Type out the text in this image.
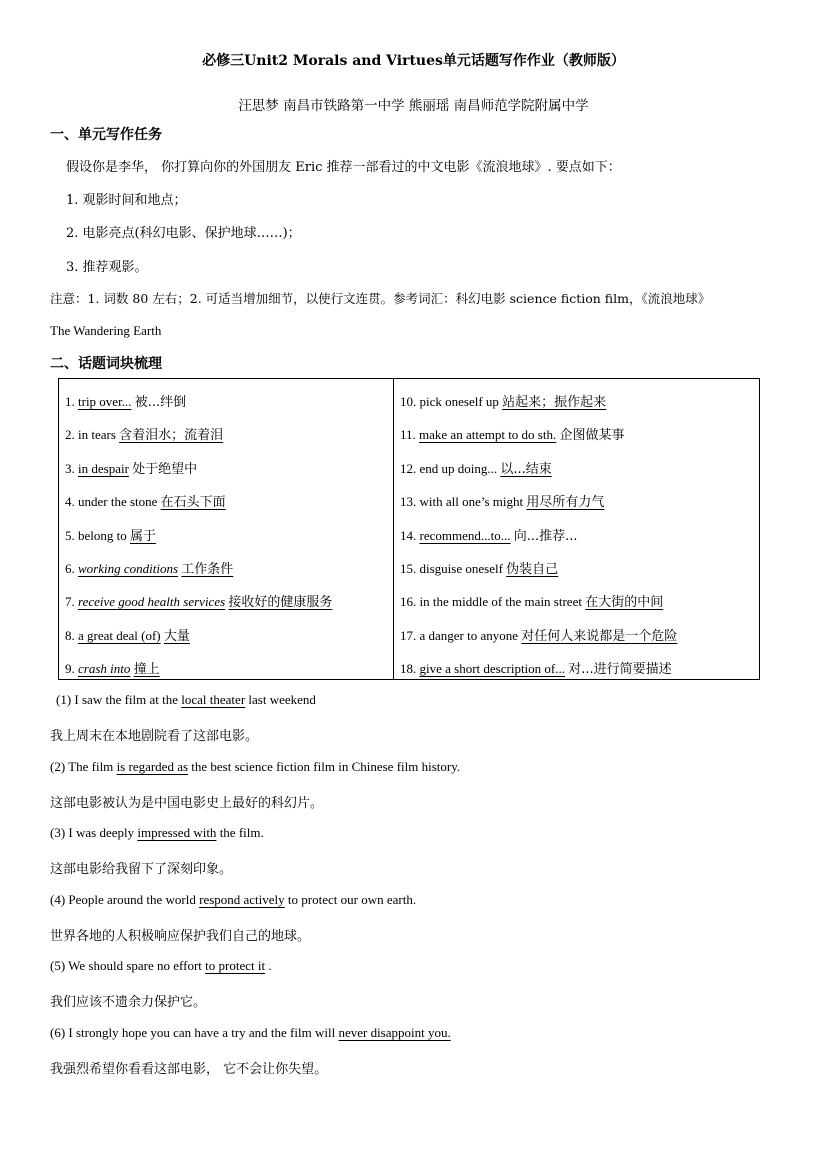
必修三Unit2 Morals and Virtues单元话题写作作业（教师版）
汪思梦 南昌市铁路第一中学 熊丽瑶 南昌师范学院附属中学
一、单元写作任务
假设你是李华， 你打算向你的外国朋友 Eric 推荐一部看过的中文电影《流浪地球》. 要点如下：
1. 观影时间和地点；
2. 电影亮点(科幻电影、保护地球……)；
3. 推荐观影。
注意：1. 词数 80 左右；2. 可适当增加细节，以使行文连贯。参考词汇：科幻电影 science fiction film，《流浪地球》
The Wandering Earth
二、话题词块梳理
1. trip over... 被...绊倒
2. in tears 含着泪水；流着泪
3. in despair 处于绝望中
4. under the stone 在石头下面
5. belong to 属于
6. working conditions 工作条件
7. receive good health services 接收好的健康服务
8. a great deal (of) 大量
9. crash into 撞上
10. pick oneself up 站起来；振作起来
11. make an attempt to do sth. 企图做某事
12. end up doing... 以...结束
13. with all one’s might 用尽所有力气
14. recommend...to... 向...推荐...
15. disguise oneself 伪装自己
16. in the middle of the main street 在大街的中间
17. a danger to anyone 对任何人来说都是一个危险
18. give a short description of... 对...进行简要描述
(1) I saw the film at the local theater last weekend
我上周末在本地剧院看了这部电影。
(2) The film is regarded as the best science fiction film in Chinese film history.
这部电影被认为是中国电影史上最好的科幻片。
(3) I was deeply impressed with the film.
这部电影给我留下了深刻印象。
(4) People around the world respond actively to protect our own earth.
世界各地的人积极响应保护我们自己的地球。
(5) We should spare no effort to protect it .
我们应该不遗余力保护它。
(6) I strongly hope you can have a try and the film will never disappoint you.
我强烈希望你看看这部电影， 它不会让你失望。
